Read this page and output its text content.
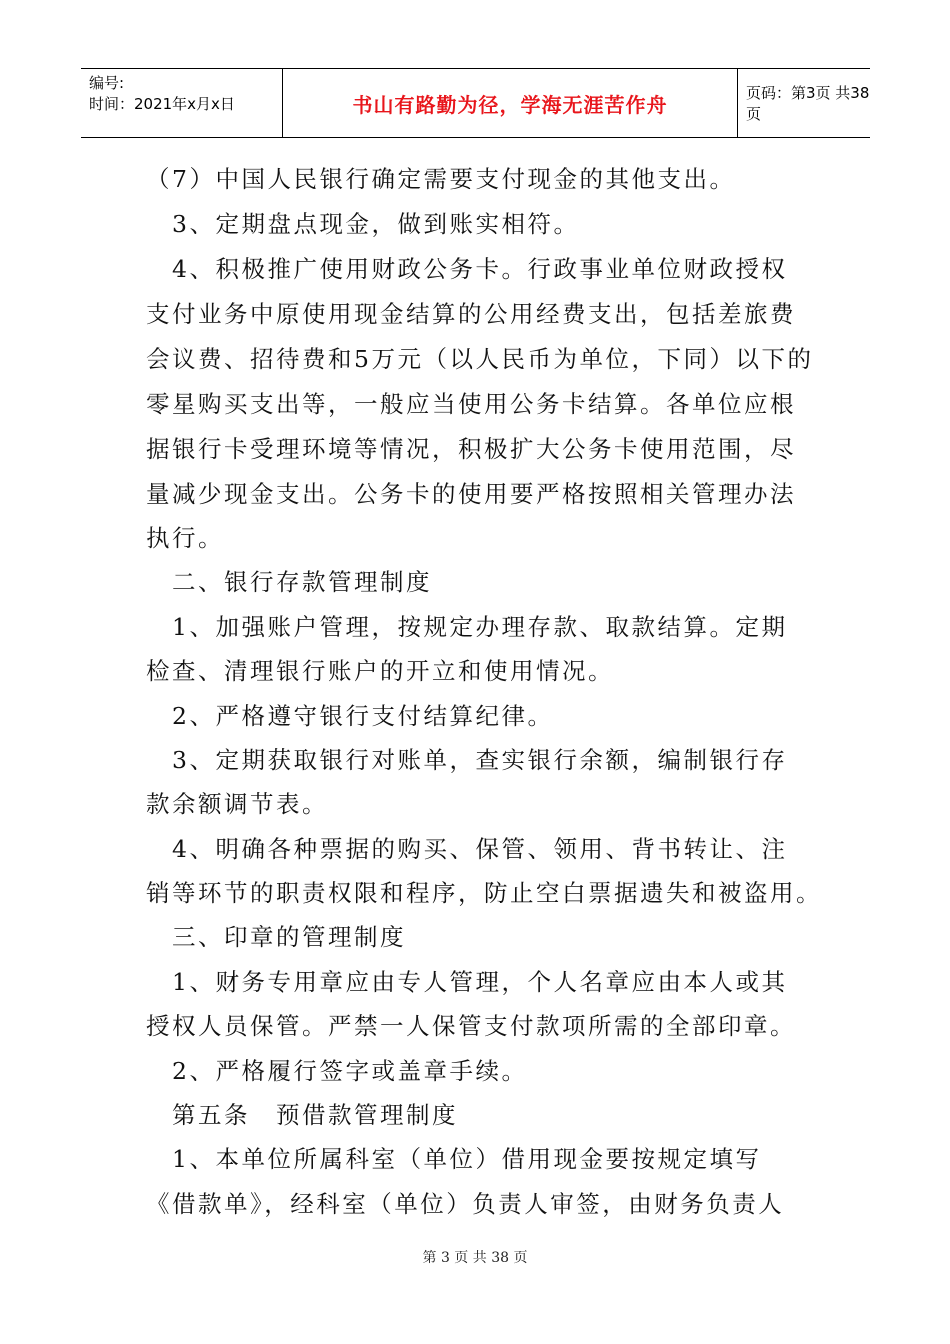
编号:
时间：2021年x月x日	书山有路勤为径，学海无涯苦作舟	页码：第3页 共38页
（7）中国人民银行确定需要支付现金的其他支出。
　3、定期盘点现金，做到账实相符。
　4、积极推广使用财政公务卡。行政事业单位财政授权
支付业务中原使用现金结算的公用经费支出，包括差旅费
会议费、招待费和5万元（以人民币为单位，下同）以下的
零星购买支出等，一般应当使用公务卡结算。各单位应根
据银行卡受理环境等情况，积极扩大公务卡使用范围，尽
量减少现金支出。公务卡的使用要严格按照相关管理办法
执行。
　二、银行存款管理制度
　1、加强账户管理，按规定办理存款、取款结算。定期
检查、清理银行账户的开立和使用情况。
　2、严格遵守银行支付结算纪律。
　3、定期获取银行对账单，查实银行余额，编制银行存
款余额调节表。
　4、明确各种票据的购买、保管、领用、背书转让、注
销等环节的职责权限和程序，防止空白票据遗失和被盗用。
　三、印章的管理制度
　1、财务专用章应由专人管理，个人名章应由本人或其
授权人员保管。严禁一人保管支付款项所需的全部印章。
　2、严格履行签字或盖章手续。
　第五条　预借款管理制度
　1、本单位所属科室（单位）借用现金要按规定填写
《借款单》，经科室（单位）负责人审签，由财务负责人
第 3 页 共 38 页
